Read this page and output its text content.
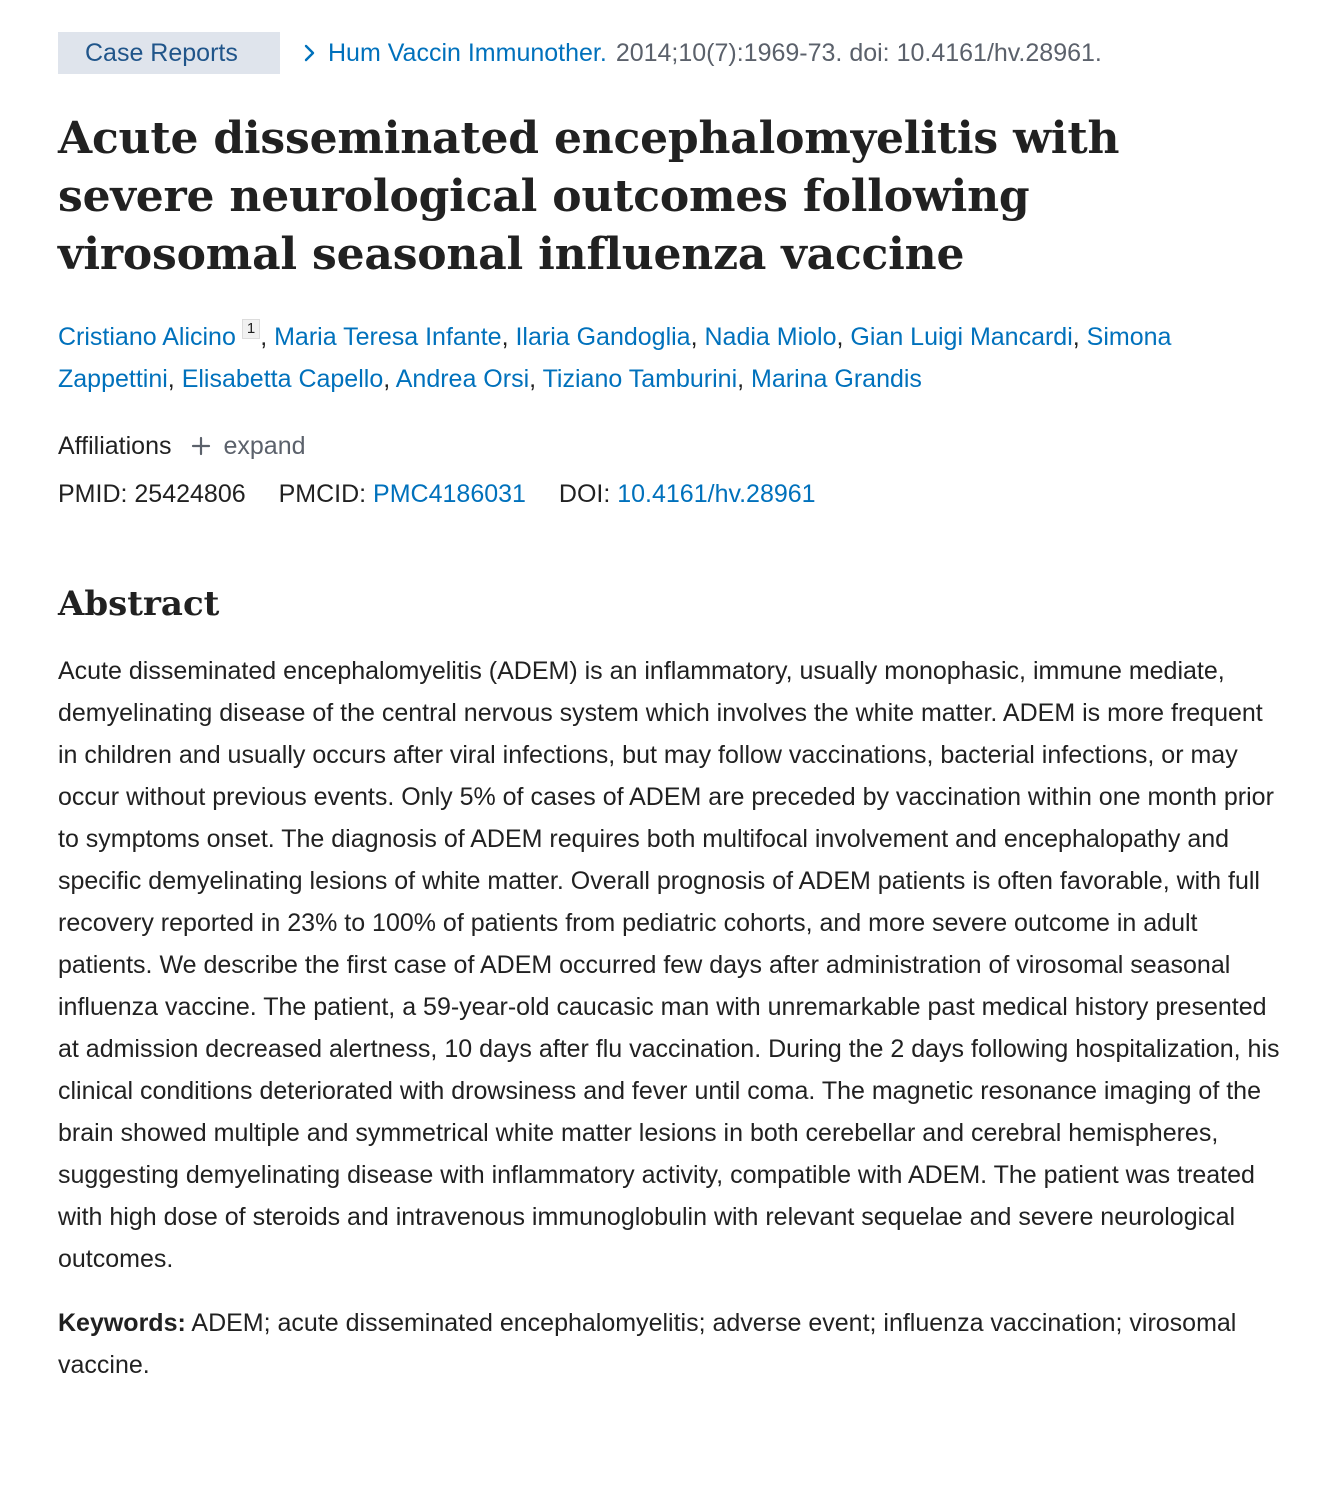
Case Reports	Hum Vaccin Immunother. 2014;10(7):1969-73. doi: 10.4161/hv.28961.
Acute disseminated encephalomyelitis with severe neurological outcomes following virosomal seasonal influenza vaccine
Cristiano Alicino 1 , Maria Teresa Infante, Ilaria Gandoglia, Nadia Miolo, Gian Luigi Mancardi, Simona Zappettini, Elisabetta Capello, Andrea Orsi, Tiziano Tamburini, Marina Grandis
Affiliations expand
PMID: 25424806 PMCID: PMC4186031 DOI: 10.4161/hv.28961
Abstract
Acute disseminated encephalomyelitis (ADEM) is an inflammatory, usually monophasic, immune mediate, demyelinating disease of the central nervous system which involves the white matter. ADEM is more frequent in children and usually occurs after viral infections, but may follow vaccinations, bacterial infections, or may occur without previous events. Only 5% of cases of ADEM are preceded by vaccination within one month prior to symptoms onset. The diagnosis of ADEM requires both multifocal involvement and encephalopathy and specific demyelinating lesions of white matter. Overall prognosis of ADEM patients is often favorable, with full recovery reported in 23% to 100% of patients from pediatric cohorts, and more severe outcome in adult patients. We describe the first case of ADEM occurred few days after administration of virosomal seasonal influenza vaccine. The patient, a 59-year-old caucasic man with unremarkable past medical history presented at admission decreased alertness, 10 days after flu vaccination. During the 2 days following hospitalization, his clinical conditions deteriorated with drowsiness and fever until coma. The magnetic resonance imaging of the brain showed multiple and symmetrical white matter lesions in both cerebellar and cerebral hemispheres, suggesting demyelinating disease with inflammatory activity, compatible with ADEM. The patient was treated with high dose of steroids and intravenous immunoglobulin with relevant sequelae and severe neurological outcomes.
Keywords: ADEM; acute disseminated encephalomyelitis; adverse event; influenza vaccination; virosomal vaccine.
